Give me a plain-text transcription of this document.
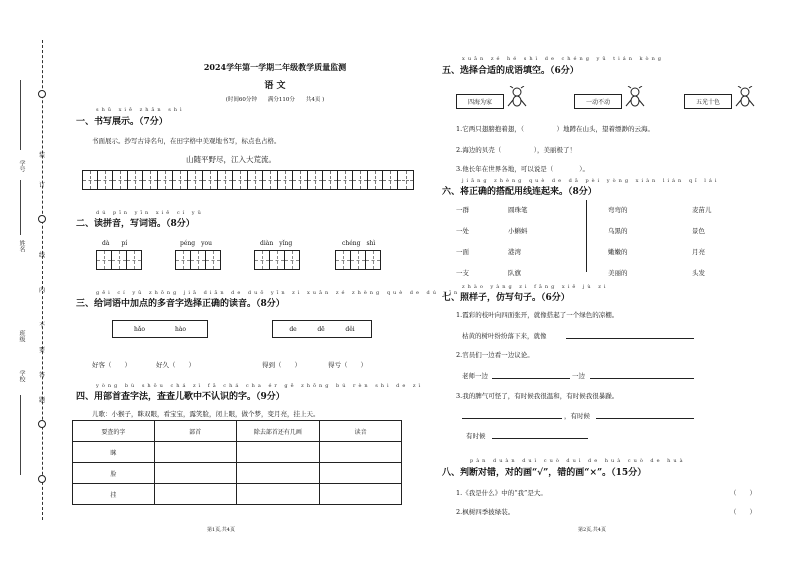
学号
姓名
班级
学校
装
订
线
内
不
要
答
题
2024学年第一学期二年级教学质量监测
语 文
(时间60分钟　　满分110分　　共4页 )
shū xiě zhǎn shì
一、书写展示。（7分）
书面展示。抄写古诗名句，在田字格中美观地书写，标点也占格。
山随平野尽，江入大荒流。
dú pīn yīn xiě cí yǔ
二、读拼音，写词语。（8分）
dà　　pí	péng　you	diàn　yǐng	chéng　shì
gěi cí yǔ zhōng jiā diǎn de duō yīn zì xuǎn zé zhèng què de dú yīn
三、给词语中加点的多音字选择正确的读音。（8分）
hǎo	hào	de	dē	děi
好客（　　）	好久（　　）	得到（　　）	得亏（　　）
yòng bù shǒu chá zì fǎ chá cha ér gē zhōng bú rèn shi de zì
四、用部首查字法，查查儿歌中不认识的字。（9分）
儿歌：小猴子，眯双眼，看宝宝，露笑脸，闭上眼，做个梦，变月亮，挂上天。
要查的字	部首	除去部首还有几画	读音
眯			
脸			
挂			
第1页,共4页
xuǎn zé hé shì de chéng yǔ tián kòng
五、选择合适的成语填空。（6分）
四海为家	一动不动	五光十色
1.它两只翅膀抱着翅，（　　　　　）地蹲在山头，望着缥渺的云海。
2.海边的贝壳（　　　　　），美丽极了！
3.他长年在世界各地，可以说是（　　　　）。
jiāng zhèng què de dā pèi yòng xiàn lián qǐ lái
六、将正确的搭配用线连起来。（8分）
一群
一处
一面
一支
圆珠笔
小蝌蚪
港湾
队旗
弯弯的
乌黑的
嫩嫩的
美丽的
麦苗儿
景色
月亮
头发
zhào yàng zi fǎng xiě jù zi
七、照样子，仿写句子。（6分）
1.霞彩的枝叶向四面张开，就像搭起了一个绿色的凉棚。
枯黄的树叶纷纷落下来，就像
2.官员们一边看一边议论。
老师一边	一边
3.我的脾气可怪了，有时候我很温和，有时候我很暴躁。
，有时候
有时候
pàn duàn duì cuò duì de huà cuò de huà
八、判断对错，对的画“√”，错的画“×”。（15分）
1.《我是什么》中的“我”是大。	（　　）
2.枫树四季披绿装。	（　　）
第2页,共4页
